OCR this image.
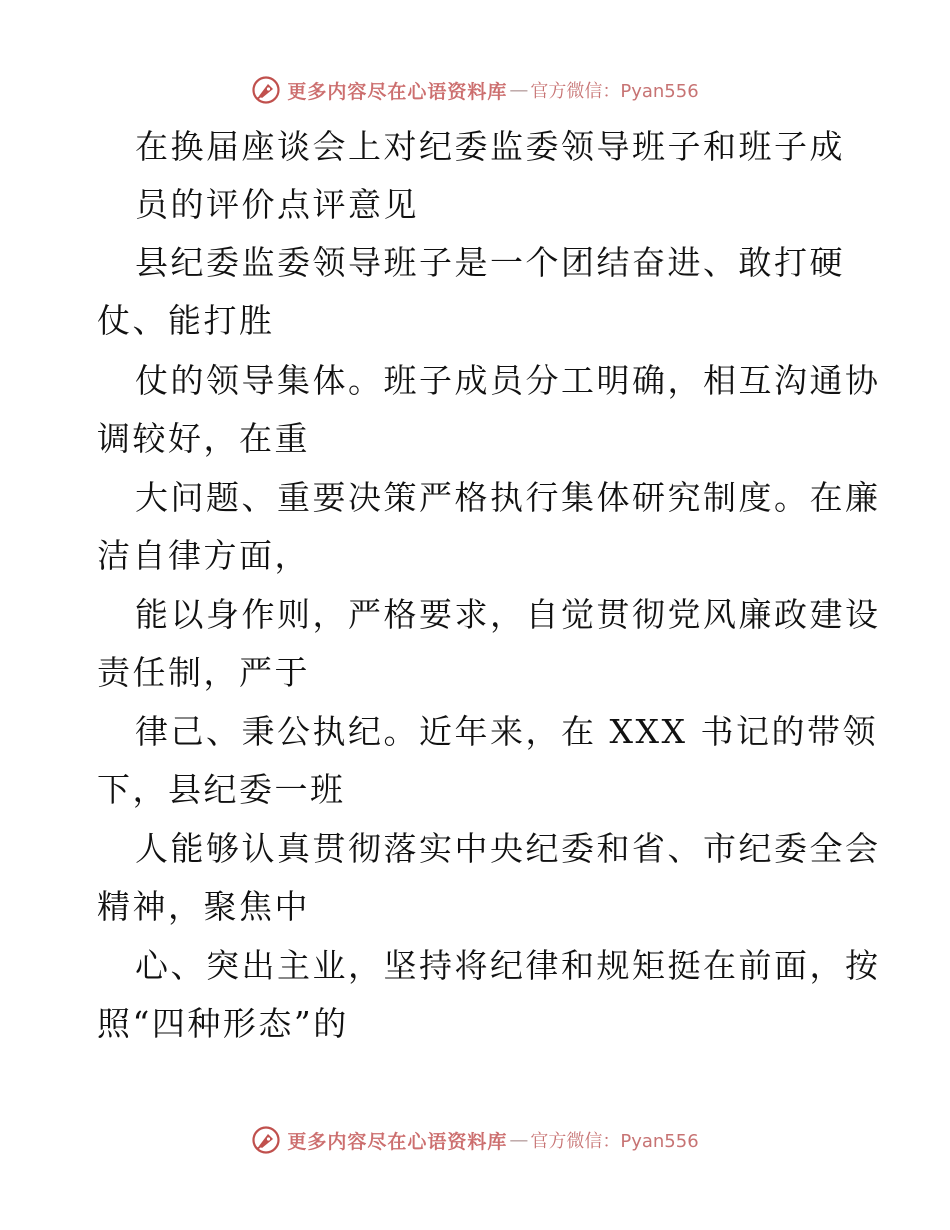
更多内容尽在心语资料库 — 官方微信：Pyan556
在换届座谈会上对纪委监委领导班子和班子成
员的评价点评意见
县纪委监委领导班子是一个团结奋进、敢打硬
仗、能打胜
仗的领导集体。班子成员分工明确，相互沟通协
调较好，在重
大问题、重要决策严格执行集体研究制度。在廉
洁自律方面，
能以身作则，严格要求，自觉贯彻党风廉政建设
责任制，严于
律己、秉公执纪。近年来，在 XXX 书记的带领
下，县纪委一班
人能够认真贯彻落实中央纪委和省、市纪委全会
精神，聚焦中
心、突出主业，坚持将纪律和规矩挺在前面，按
照“四种形态”的
更多内容尽在心语资料库 — 官方微信：Pyan556
